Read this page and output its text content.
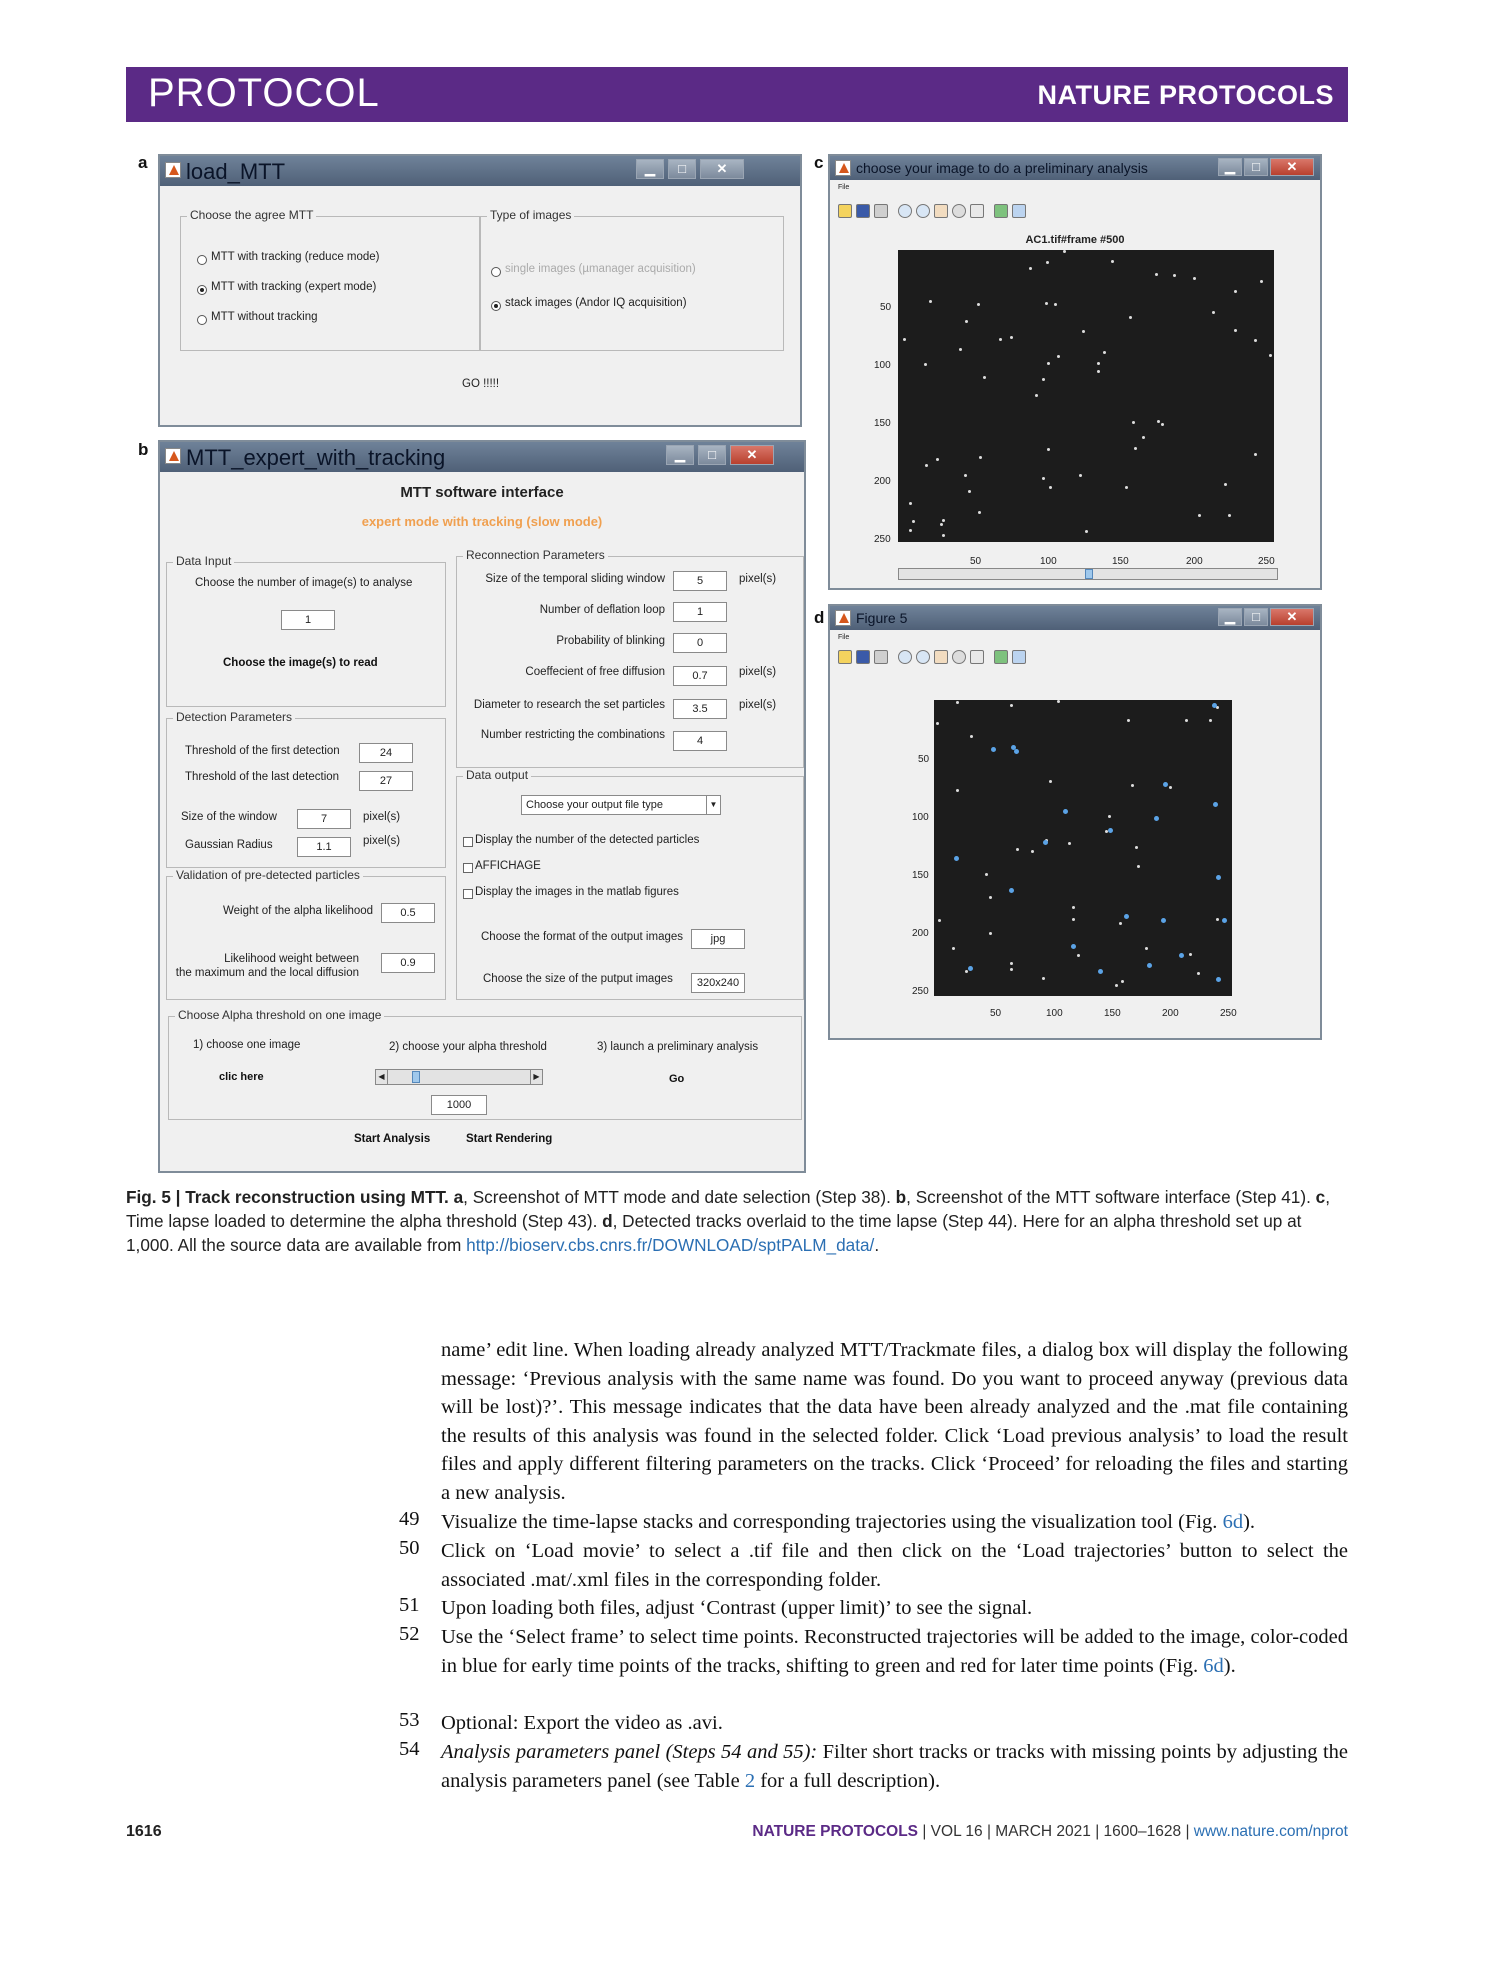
PROTOCOL	NATURE PROTOCOLS
a
b
c
d
load_MTT	▁	□	✕
Choose the agree MTT
MTT with tracking (reduce mode)
MTT with tracking (expert mode)
MTT without tracking
Type of images
single images (µmanager acquisition)
stack images (Andor IQ acquisition)
GO !!!!!
MTT_expert_with_tracking	▁	□	✕
MTT software interface
expert mode with tracking (slow mode)
Data Input
Choose the number of image(s) to analyse
1
Choose the image(s) to read
Reconnection Parameters
Size of the temporal sliding window	5	pixel(s)
Number of deflation loop	1
Probability of blinking	0
Coeffecient of free diffusion	0.7	pixel(s)
Diameter to research the set particles	3.5	pixel(s)
Number restricting the combinations	4
Detection Parameters
Threshold of the first detection	24
Threshold of the last detection	27
Size of the window	7	pixel(s)
Gaussian Radius	1.1	pixel(s)
Validation of pre-detected particles
Weight of the alpha likelihood	0.5
Likelihood weight between
the maximum and the local diffusion
0.9
Data output
Choose your output file type	▼
Display the number of the detected particles
AFFICHAGE
Display the images in the matlab figures
Choose the format of the output images	jpg
Choose the size of the putput images	320x240
Choose Alpha threshold on one image
1) choose one image	2) choose your alpha threshold	3) launch a preliminary analysis
clic here	◀	▶	Go
1000
Start Analysis	Start Rendering
choose your image to do a preliminary analysis	▁	□	✕
File
AC1.tif#frame #500
50
100
150
200
250
50	100	150	200	250
Figure 5	▁	□	✕
File
50
100
150
200
250
50	100	150	200	250
Fig. 5 | Track reconstruction using MTT. a, Screenshot of MTT mode and date selection (Step 38). b, Screenshot of the MTT software interface (Step 41). c, Time lapse loaded to determine the alpha threshold (Step 43). d, Detected tracks overlaid to the time lapse (Step 44). Here for an alpha threshold set up at 1,000. All the source data are available from http://bioserv.cbs.cnrs.fr/DOWNLOAD/sptPALM_data/.
name’ edit line. When loading already analyzed MTT/Trackmate files, a dialog box will display the following message: ‘Previous analysis with the same name was found. Do you want to proceed anyway (previous data will be lost)?’. This message indicates that the data have been already analyzed and the .mat file containing the results of this analysis was found in the selected folder. Click ‘Load previous analysis’ to load the result files and apply different filtering parameters on the tracks. Click ‘Proceed’ for reloading the files and starting a new analysis.
49 Visualize the time-lapse stacks and corresponding trajectories using the visualization tool (Fig. 6d).
50 Click on ‘Load movie’ to select a .tif file and then click on the ‘Load trajectories’ button to select the associated .mat/.xml files in the corresponding folder.
51 Upon loading both files, adjust ‘Contrast (upper limit)’ to see the signal.
52 Use the ‘Select frame’ to select time points. Reconstructed trajectories will be added to the image, color-coded in blue for early time points of the tracks, shifting to green and red for later time points (Fig. 6d).
53 Optional: Export the video as .avi.
54 Analysis parameters panel (Steps 54 and 55): Filter short tracks or tracks with missing points by adjusting the analysis parameters panel (see Table 2 for a full description).
1616	NATURE PROTOCOLS | VOL 16 | MARCH 2021 | 1600–1628 | www.nature.com/nprot
